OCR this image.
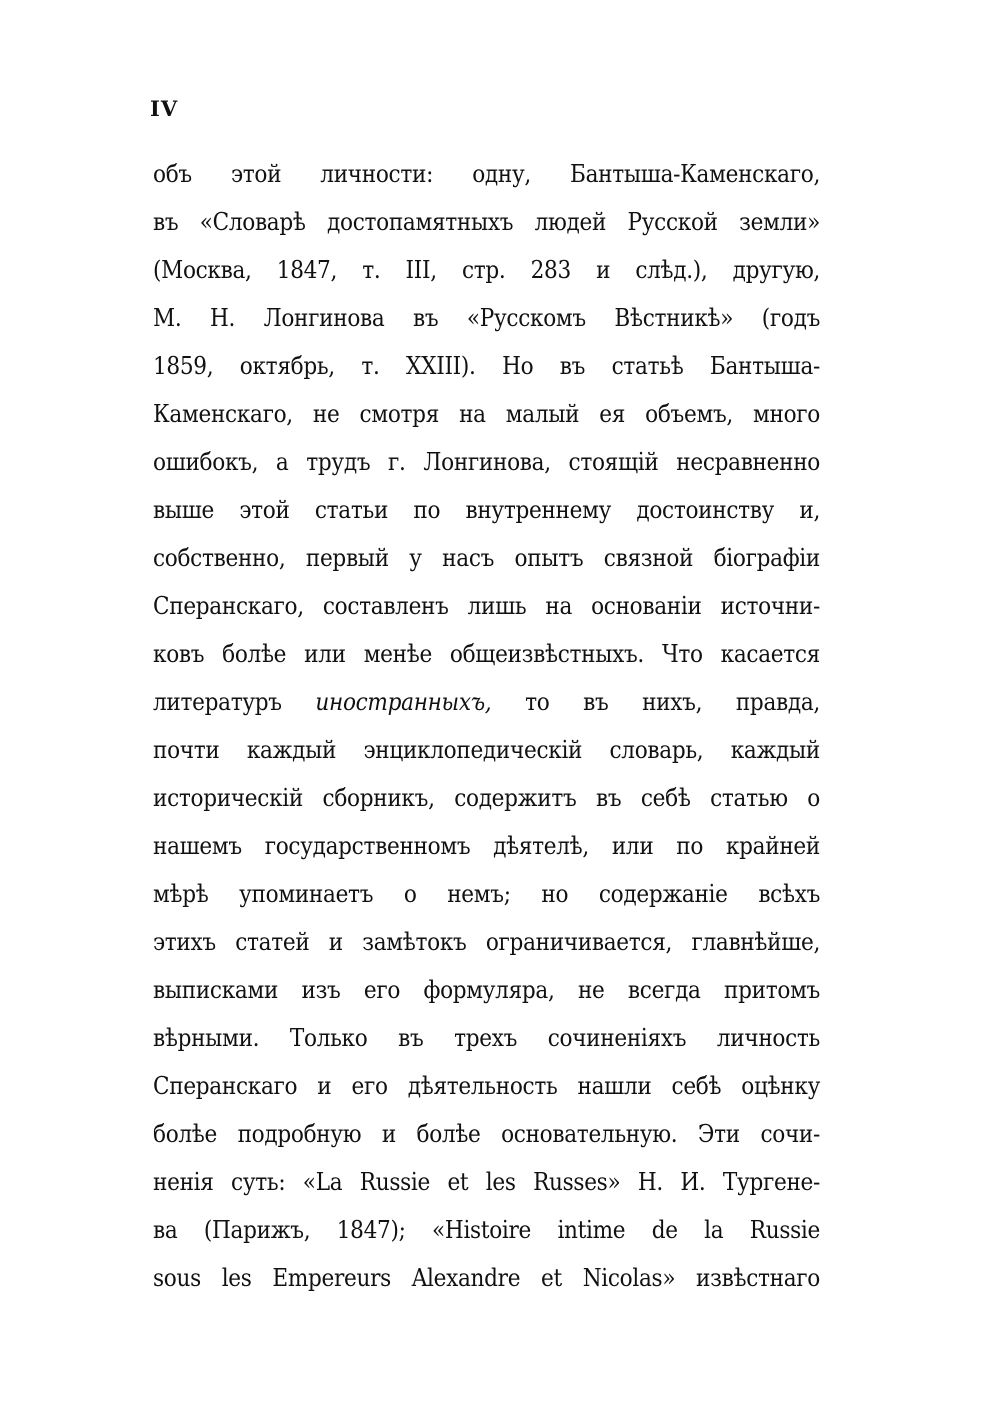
IV
объ этой личности: одну, Бантыша-Каменскаго,
въ «Словарѣ достопамятныхъ людей Русской земли»
(Москва, 1847, т. III, стр. 283 и слѣд.), другую,
М. Н. Лонгинова въ «Русскомъ Вѣстникѣ» (годъ
1859, октябрь, т. XXIII). Но въ статьѣ Бантыша-
Каменскаго, не смотря на малый ея объемъ, много
ошибокъ, а трудъ г. Лонгинова, стоящій несравненно
выше этой статьи по внутреннему достоинству и,
собственно, первый у насъ опытъ связной біографіи
Сперанскаго, составленъ лишь на основаніи источни-
ковъ болѣе или менѣе общеизвѣстныхъ. Что касается
литературъ иностранныхъ, то въ нихъ, правда,
почти каждый энциклопедическій словарь, каждый
историческій сборникъ, содержитъ въ себѣ статью о
нашемъ государственномъ дѣятелѣ, или по крайней
мѣрѣ упоминаетъ о немъ; но содержаніе всѣхъ
этихъ статей и замѣтокъ ограничивается, главнѣйше,
выписками изъ его формуляра, не всегда притомъ
вѣрными. Только въ трехъ сочиненіяхъ личность
Сперанскаго и его дѣятельность нашли себѣ оцѣнку
болѣе подробную и болѣе основательную. Эти сочи-
ненія суть: «La Russie et les Russes» Н. И. Тургене-
ва (Парижъ, 1847); «Histoire intime de la Russie
sous les Empereurs Alexandre et Nicolas» извѣстнаго
